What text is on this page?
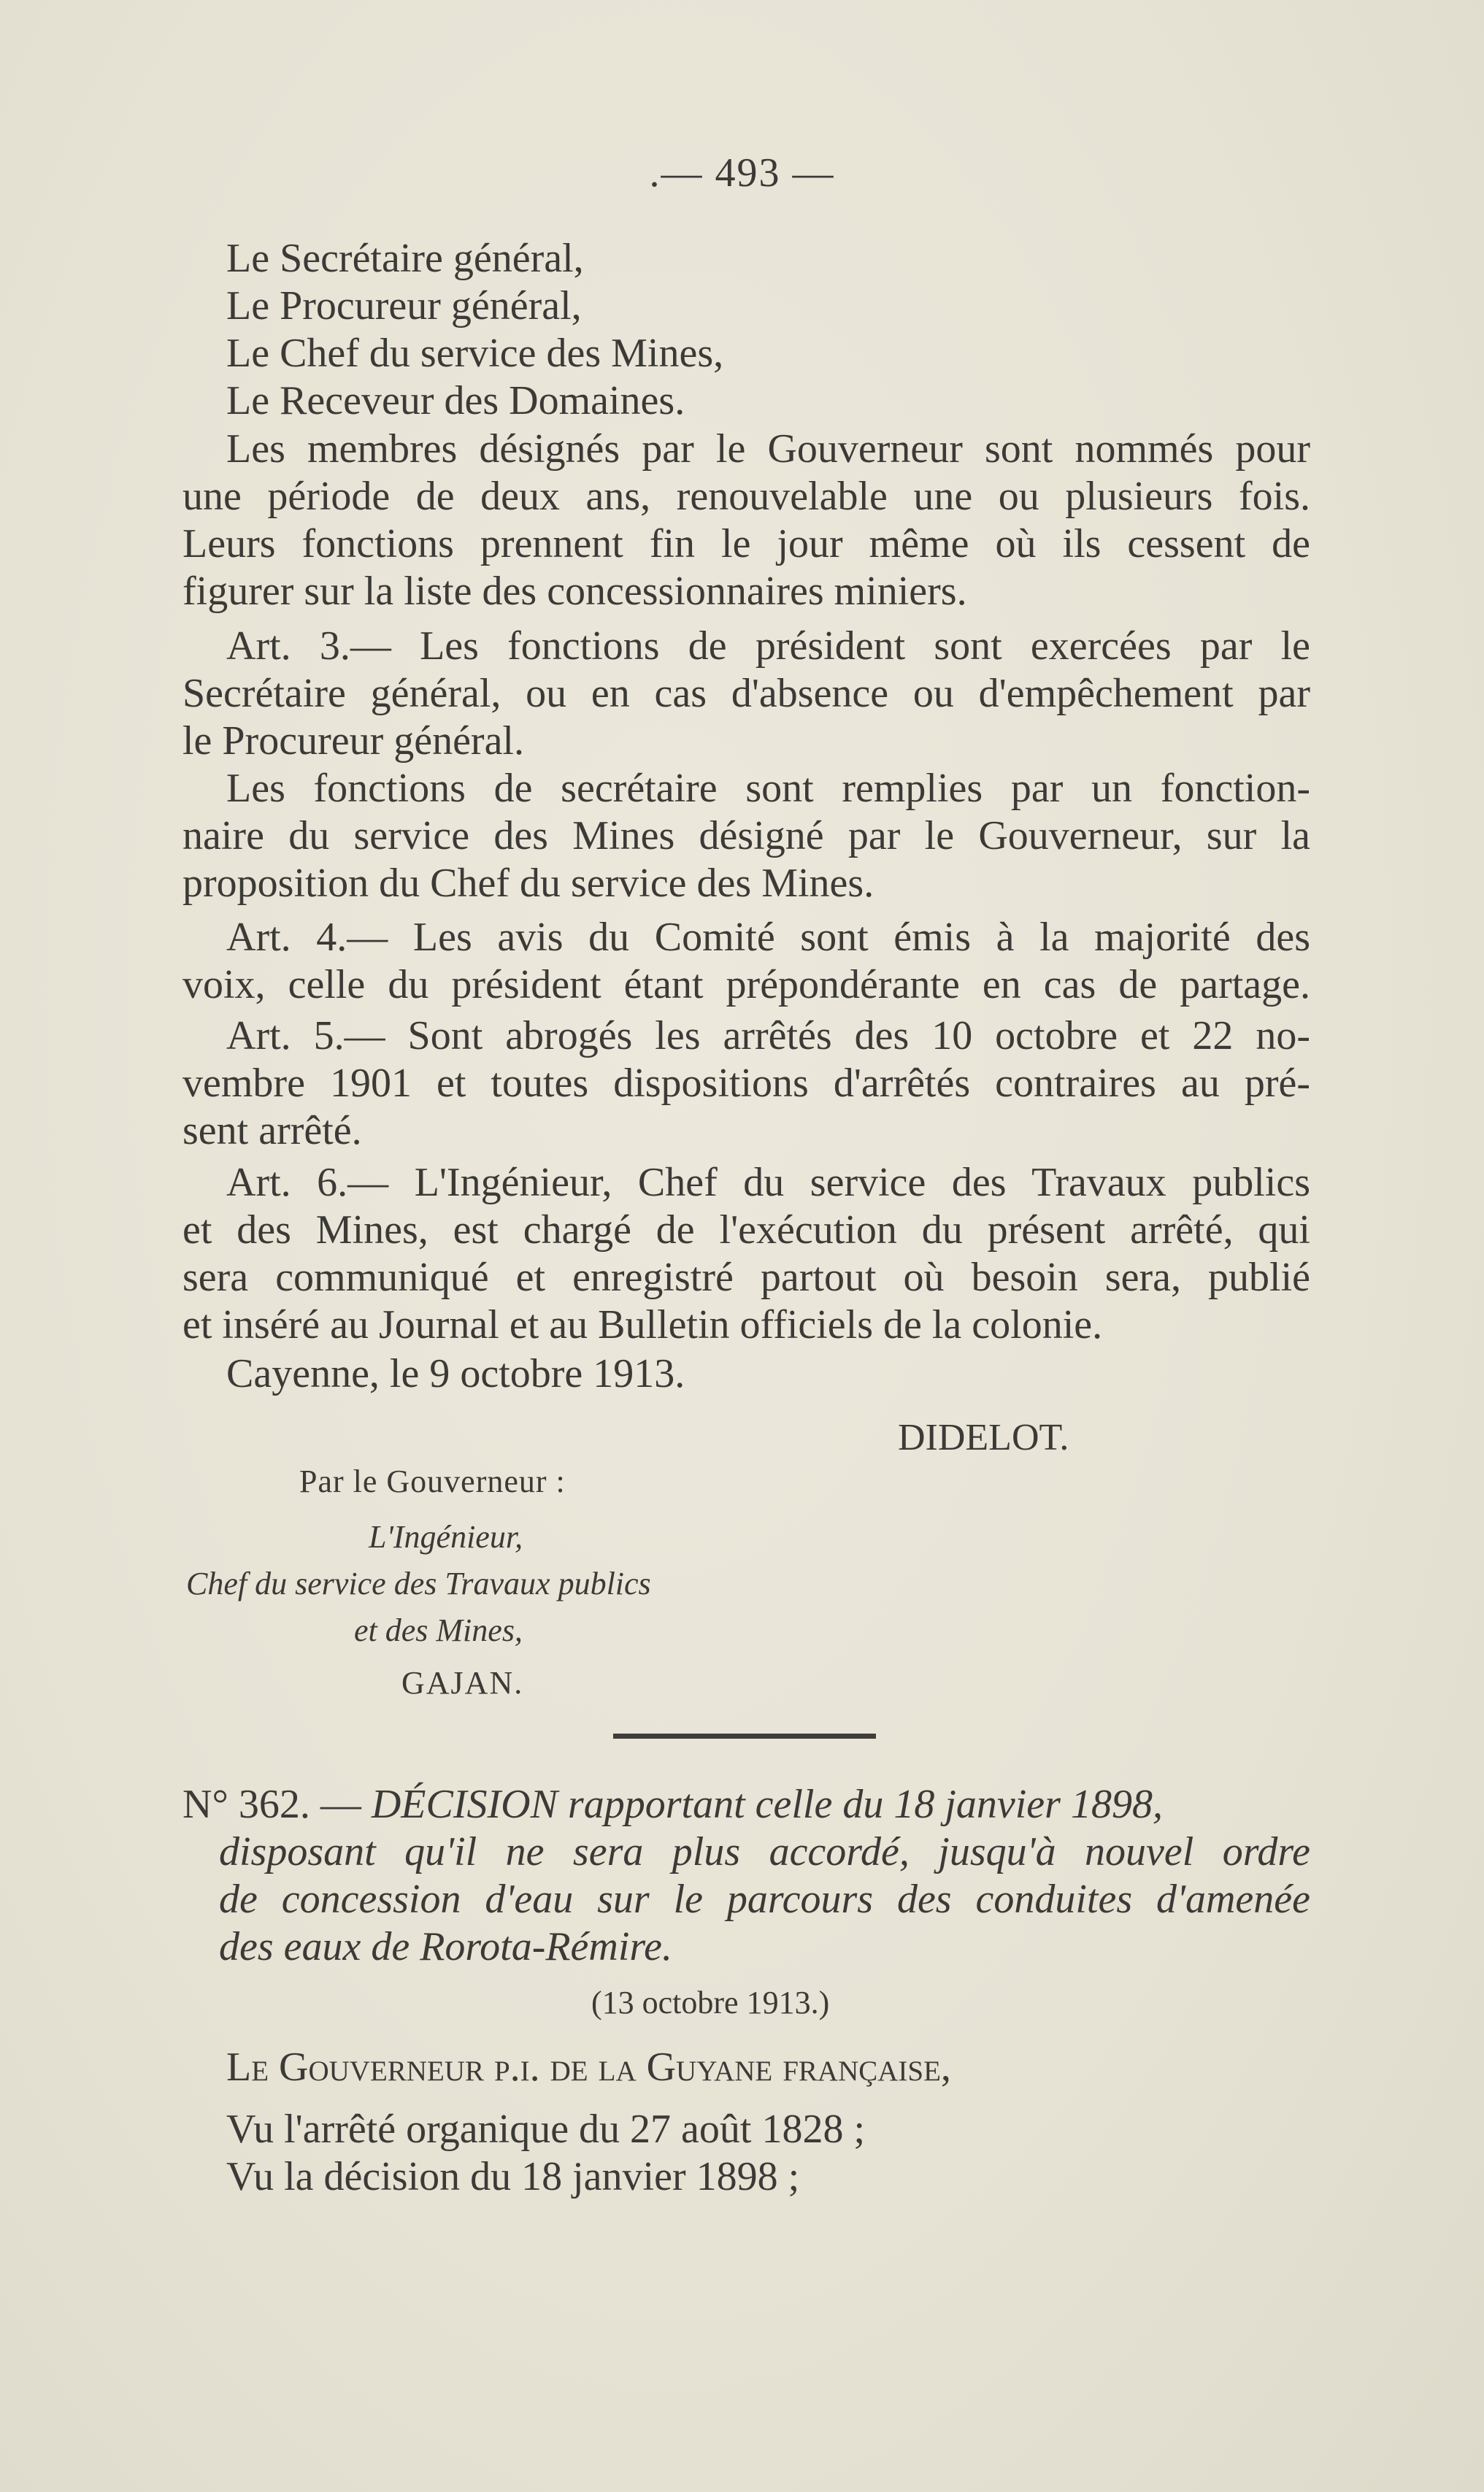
.— 493 —
Le Secrétaire général,
Le Procureur général,
Le Chef du service des Mines,
Le Receveur des Domaines.
Les membres désignés par le Gouverneur sont nommés pour
une période de deux ans, renouvelable une ou plusieurs fois.
Leurs fonctions prennent fin le jour même où ils cessent de
figurer sur la liste des concessionnaires miniers.
Art. 3.— Les fonctions de président sont exercées par le
Secrétaire général, ou en cas d'absence ou d'empêchement par
le Procureur général.
Les fonctions de secrétaire sont remplies par un fonction-
naire du service des Mines désigné par le Gouverneur, sur la
proposition du Chef du service des Mines.
Art. 4.— Les avis du Comité sont émis à la majorité des
voix, celle du président étant prépondérante en cas de partage.
Art. 5.— Sont abrogés les arrêtés des 10 octobre et 22 no-
vembre 1901 et toutes dispositions d'arrêtés contraires au pré-
sent arrêté.
Art. 6.— L'Ingénieur, Chef du service des Travaux publics
et des Mines, est chargé de l'exécution du présent arrêté, qui
sera communiqué et enregistré partout où besoin sera, publié
et inséré au Journal et au Bulletin officiels de la colonie.
Cayenne, le 9 octobre 1913.
DIDELOT.
Par le Gouverneur :
L'Ingénieur,
Chef du service des Travaux publics
et des Mines,
GAJAN.
N° 362. — DÉCISION rapportant celle du 18 janvier 1898,
disposant qu'il ne sera plus accordé, jusqu'à nouvel ordre
de concession d'eau sur le parcours des conduites d'amenée
des eaux de Rorota-Rémire.
(13 octobre 1913.)
Le Gouverneur p.i. de la Guyane française,
Vu l'arrêté organique du 27 août 1828 ;
Vu la décision du 18 janvier 1898 ;
